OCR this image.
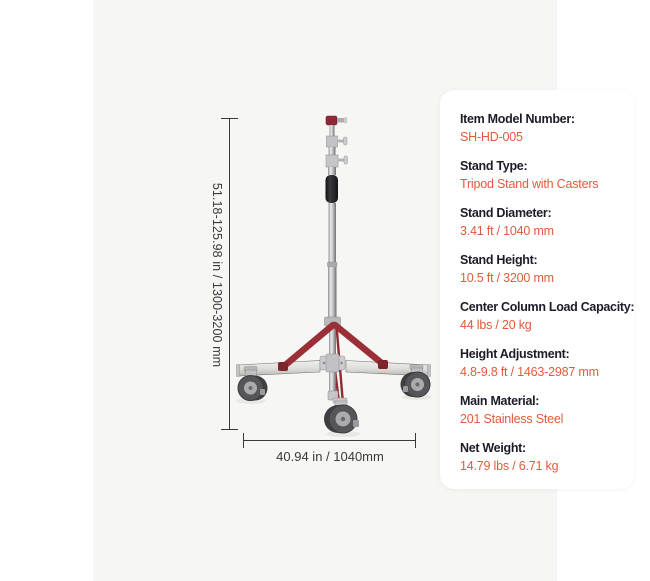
51.18-125.98 in / 1300-3200 mm
40.94 in / 1040mm
Item Model Number:
SH-HD-005
Stand Type:
Tripod Stand with Casters
Stand Diameter:
3.41 ft / 1040 mm
Stand Height:
10.5 ft / 3200 mm
Center Column Load Capacity:
44 lbs / 20 kg
Height Adjustment:
4.8-9.8 ft / 1463-2987 mm
Main Material:
201 Stainless Steel
Net Weight:
14.79 lbs / 6.71 kg
